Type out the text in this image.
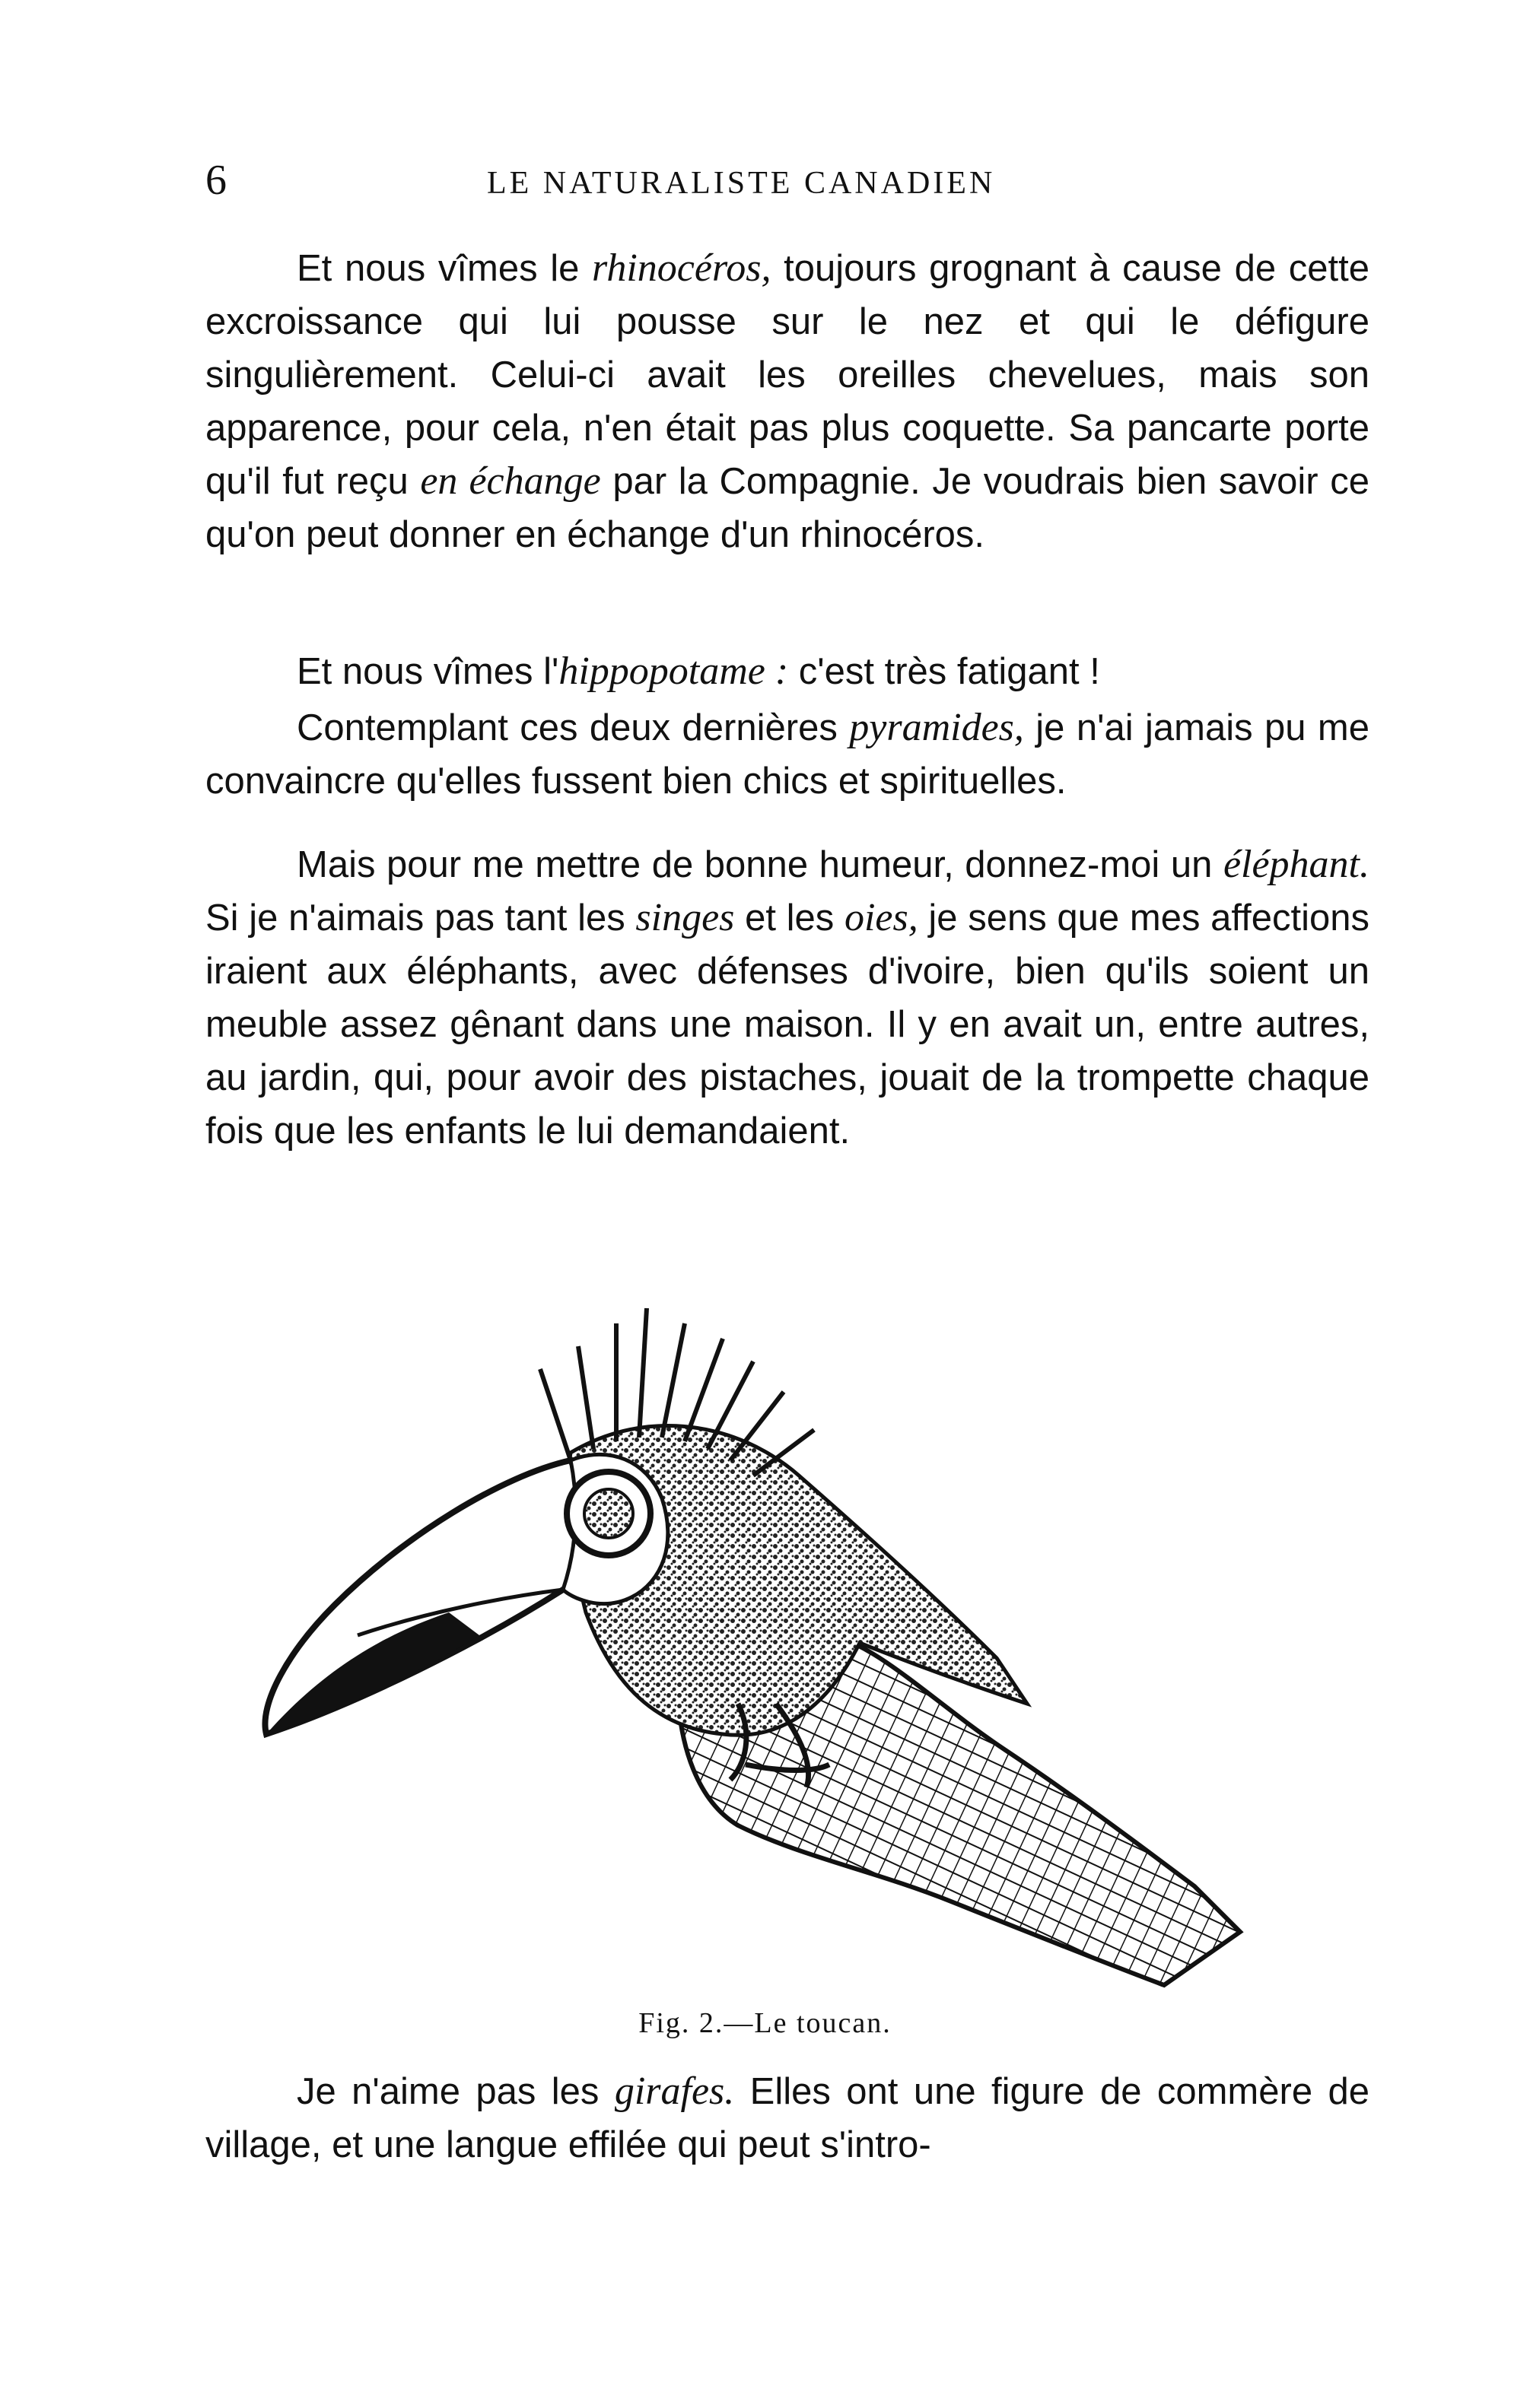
6	LE NATURALISTE CANADIEN

Et nous vîmes le rhinocéros, toujours grognant à cause de cette excroissance qui lui pousse sur le nez et qui le défigure singulièrement. Celui-ci avait les oreilles chevelues, mais son apparence, pour cela, n'en était pas plus coquette. Sa pancarte porte qu'il fut reçu en échange par la Compagnie. Je voudrais bien savoir ce qu'on peut donner en échange d'un rhinocéros.

Et nous vîmes l'hippopotame : c'est très fatigant !

Contemplant ces deux dernières pyramides, je n'ai jamais pu me convaincre qu'elles fussent bien chics et spirituelles.

Mais pour me mettre de bonne humeur, donnez-moi un éléphant. Si je n'aimais pas tant les singes et les oies, je sens que mes affections iraient aux éléphants, avec défenses d'ivoire, bien qu'ils soient un meuble assez gênant dans une maison. Il y en avait un, entre autres, au jardin, qui, pour avoir des pistaches, jouait de la trompette chaque fois que les enfants le lui demandaient.

Fig. 2.—Le toucan.

Je n'aime pas les girafes. Elles ont une figure de commère de village, et une langue effilée qui peut s'intro-
